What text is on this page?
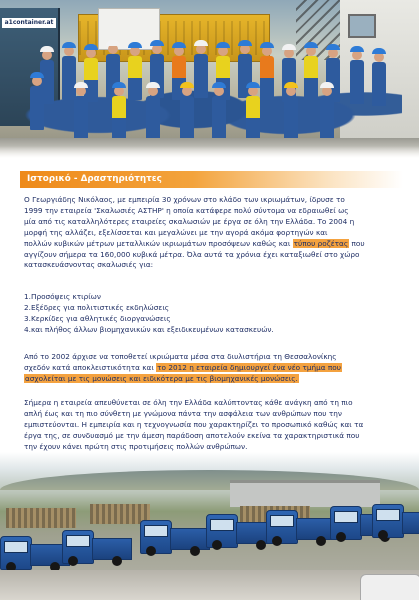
a1container.at
Ιστορικό - Δραστηριότητες
Ο Γεωργιάδης Νικόλαος, με εμπειρία 30 χρόνων στο κλάδο των ικριωμάτων, ίδρυσε το
1999 την εταιρεία 'Σκαλωσιές ΑΣΤΗΡ' η οποία κατάφερε πολύ σύντομα να εδραιωθεί ως
μία από τις καταλληλότερες εταιρείες σκαλωσιών με έργα σε όλη την Ελλάδα. Το 2004 η
μορφή της αλλάζει, εξελίσσεται και μεγαλώνει με την αγορά ακόμα φορτηγών και
πολλών κυβικών μέτρων μεταλλικών ικριωμάτων προσόψεων καθώς και τύπου ροζέτας που
αγγίζουν σήμερα τα 160,000 κυβικά μέτρα. Όλα αυτά τα χρόνια έχει καταξιωθεί στο χώρο
κατασκευάσνοντας σκαλωσιές για:
1.Προσόψεις κτιρίων
2.Εξέδρες για πολιτιστικές εκδηλώσεις
3.Κερκίδες για αθλητικές διοργανώσεις
4.και πλήθος άλλων βιομηχανικών και εξειδικευμένων κατασκευών.
Από το 2002 άρχισε να τοποθετεί ικριώματα μέσα στα διυλιστήρια τη Θεσσαλονίκης
σχεδόν κατά αποκλειστικότητα και το 2012 η εταιρεία δημιουργεί ένα νέο τμήμα που
ασχολείται με τις μονώσεις και ειδικότερα με τις βιομηχανικές μονώσεις.
Σήμερα η εταιρεία απευθύνεται σε όλη την Ελλάδα καλύπτοντας κάθε ανάγκη από τη πιο
απλή έως και τη πιο σύνθετη με γνώμονα πάντα την ασφάλεια των ανθρώπων που την
εμπιστεύονται. Η εμπειρία και η τεχνογνωσία που χαρακτηρίζει το προσωπικό καθώς και τα
έργα της, σε συνδυασμό με την άμεση παράδοση αποτελούν εκείνα τα χαρακτηριστικά που
την έχουν κάνει πρώτη στις προτιμήσεις πολλών ανθρώπων.
